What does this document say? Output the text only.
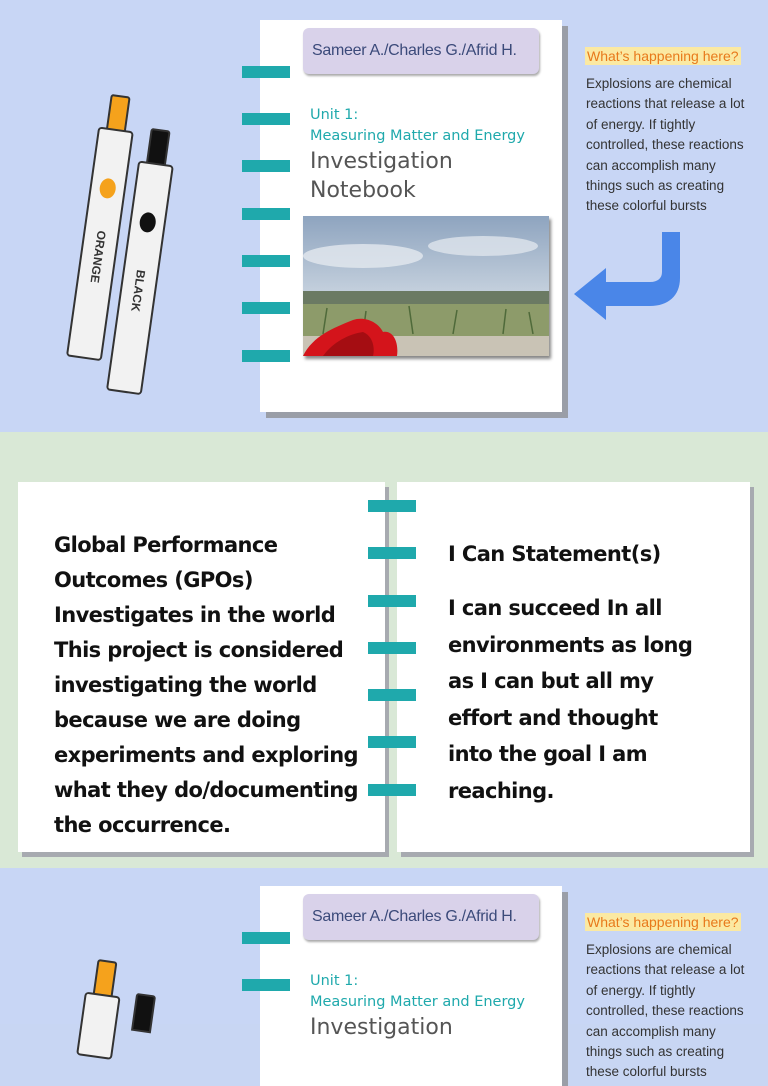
ORANGE
BLACK
Sameer A./Charles G./Afrid H.
Unit 1:
Measuring Matter and Energy
Investigation
Notebook
What’s happening here?
Explosions are chemical reactions that release a lot of energy. If tightly controlled, these reactions can accomplish many things such as creating these colorful bursts
Global Performance
Outcomes (GPOs)
Investigates in the world
This project is considered
investigating the world
because we are doing
experiments and exploring
what they do/documenting
the occurrence.
I Can Statement(s)
I can succeed In all
environments as long
as I can but all my
effort and thought
into the goal I am
reaching.
Sameer A./Charles G./Afrid H.
Unit 1:
Measuring Matter and Energy
Investigation
What’s happening here?
Explosions are chemical reactions that release a lot of energy. If tightly controlled, these reactions can accomplish many things such as creating these colorful bursts
